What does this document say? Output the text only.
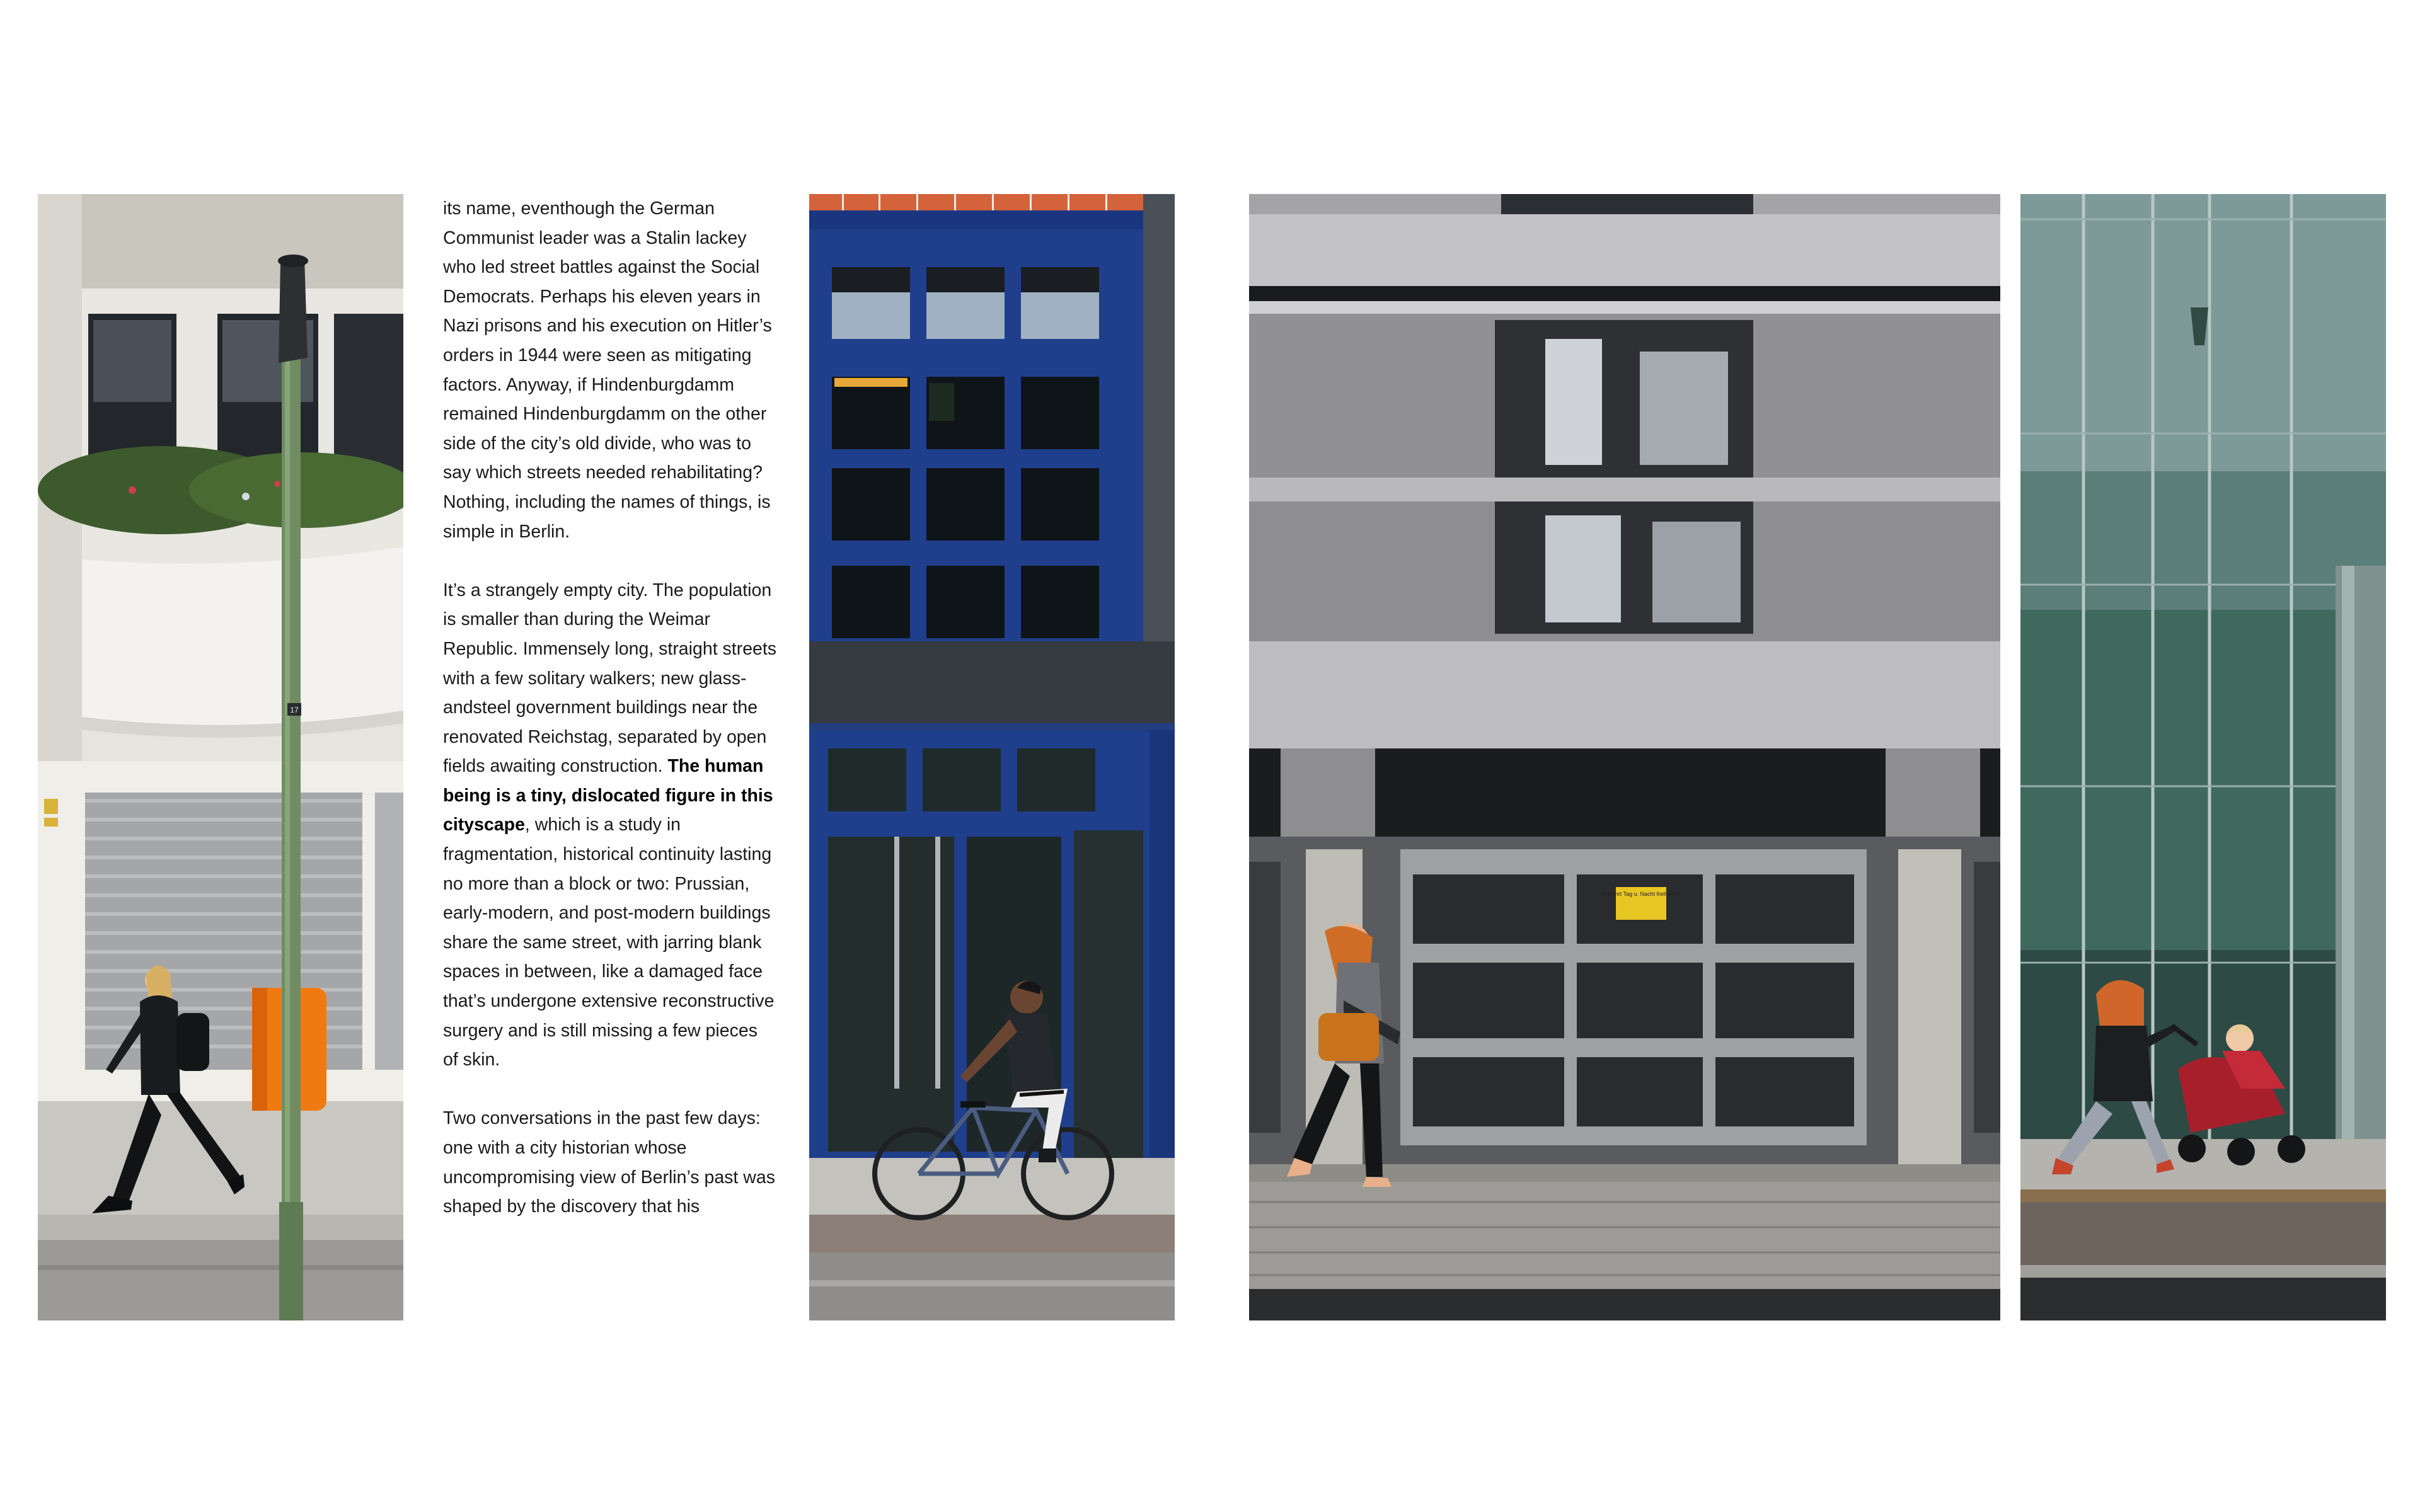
17

its name, eventhough the German Communist leader was a Stalin lackey who led street battles against the Social Democrats. Perhaps his eleven years in Nazi prisons and his execution on Hitler’s orders in 1944 were seen as mitigating factors. Anyway, if Hindenburgdamm remained Hindenburgdamm on the other side of the city’s old divide, who was to say which streets needed rehabilitating? Nothing, including the names of things, is simple in Berlin.

It’s a strangely empty city. The population is smaller than during the Weimar Republic. Immensely long, straight streets with a few solitary walkers; new glass-andsteel government buildings near the renovated Reichstag, separated by open fields awaiting construction. The human being is a tiny, dislocated figure in this cityscape, which is a study in fragmentation, historical continuity lasting no more than a block or two: Prussian, early-modern, and post-modern buildings share the same street, with jarring blank spaces in between, like a damaged face that’s undergone extensive reconstructive surgery and is still missing a few pieces of skin.

Two conversations in the past few days: one with a city historian whose uncompromising view of Berlin’s past was shaped by the discovery that his

Ausfahrt Tag u. Nacht freihalten!
